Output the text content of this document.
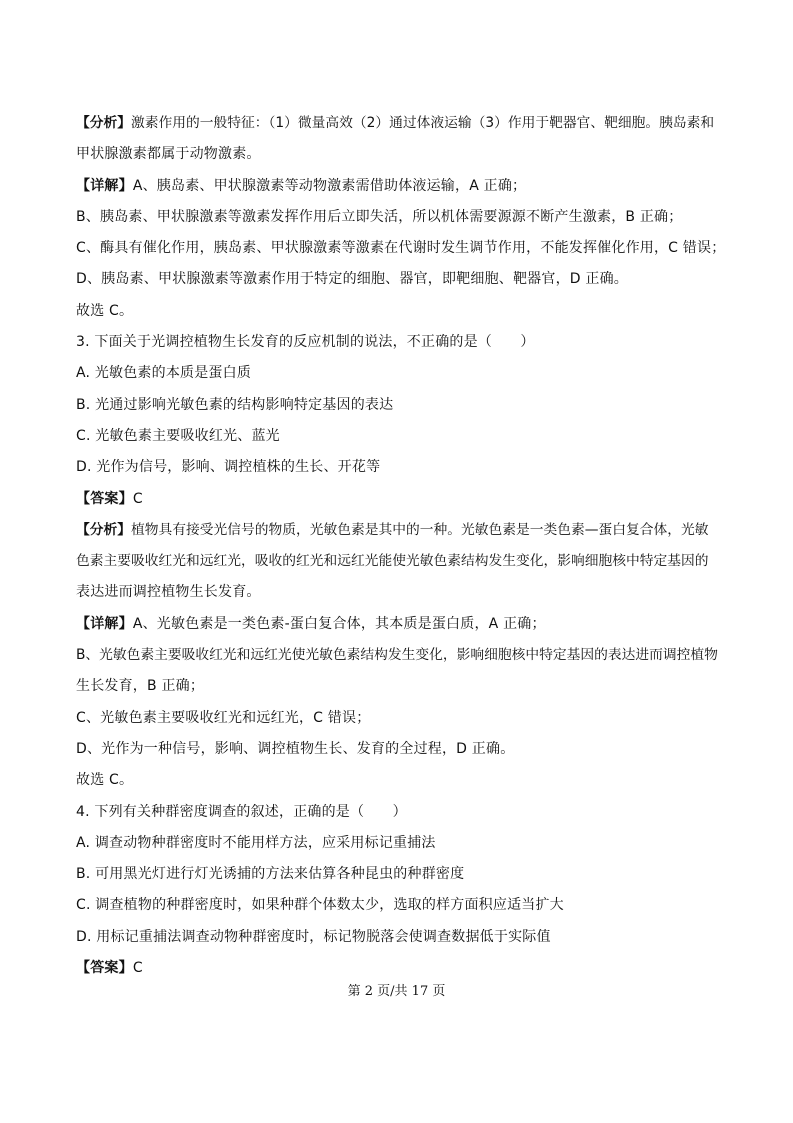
【分析】激素作用的一般特征：（1）微量高效（2）通过体液运输（3）作用于靶器官、靶细胞。胰岛素和

甲状腺激素都属于动物激素。

【详解】A、胰岛素、甲状腺激素等动物激素需借助体液运输，A 正确；

B、胰岛素、甲状腺激素等激素发挥作用后立即失活，所以机体需要源源不断产生激素，B 正确；

C、酶具有催化作用，胰岛素、甲状腺激素等激素在代谢时发生调节作用，不能发挥催化作用，C 错误；

D、胰岛素、甲状腺激素等激素作用于特定的细胞、器官，即靶细胞、靶器官，D 正确。

故选 C。

3. 下面关于光调控植物生长发育的反应机制的说法，不正确的是（　　）

A. 光敏色素的本质是蛋白质

B. 光通过影响光敏色素的结构影响特定基因的表达

C. 光敏色素主要吸收红光、蓝光

D. 光作为信号，影响、调控植株的生长、开花等

【答案】C

【分析】植物具有接受光信号的物质，光敏色素是其中的一种。光敏色素是一类色素—蛋白复合体，光敏

色素主要吸收红光和远红光，吸收的红光和远红光能使光敏色素结构发生变化，影响细胞核中特定基因的

表达进而调控植物生长发育。

【详解】A、光敏色素是一类色素-蛋白复合体，其本质是蛋白质，A 正确；

B、光敏色素主要吸收红光和远红光使光敏色素结构发生变化，影响细胞核中特定基因的表达进而调控植物

生长发育，B 正确；

C、光敏色素主要吸收红光和远红光，C 错误；

D、光作为一种信号，影响、调控植物生长、发育的全过程，D 正确。

故选 C。

4. 下列有关种群密度调查的叙述，正确的是（　　）

A. 调查动物种群密度时不能用样方法，应采用标记重捕法

B. 可用黑光灯进行灯光诱捕的方法来估算各种昆虫的种群密度

C. 调查植物的种群密度时，如果种群个体数太少，选取的样方面积应适当扩大

D. 用标记重捕法调查动物种群密度时，标记物脱落会使调查数据低于实际值

【答案】C

第 2 页/共 17 页
